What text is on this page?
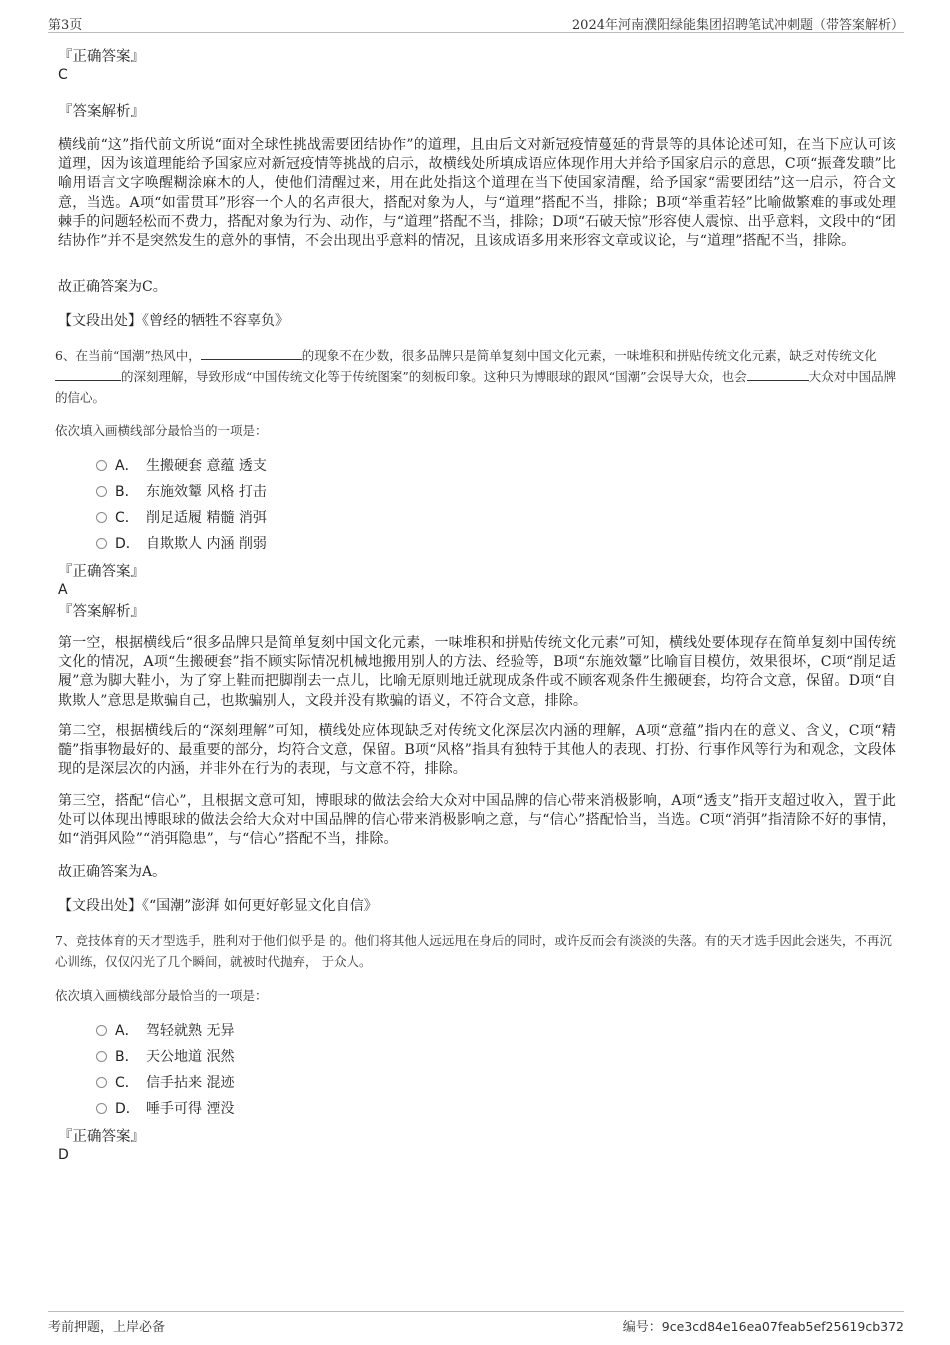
第3页	2024年河南濮阳绿能集团招聘笔试冲刺题（带答案解析）
『正确答案』
C
『答案解析』
横线前“这”指代前文所说“面对全球性挑战需要团结协作”的道理，且由后文对新冠疫情蔓延的背景等的具体论述可知，在当下应认可该道理，因为该道理能给予国家应对新冠疫情等挑战的启示，故横线处所填成语应体现作用大并给予国家启示的意思，C项“振聋发聩”比喻用语言文字唤醒糊涂麻木的人，使他们清醒过来，用在此处指这个道理在当下使国家清醒，给予国家“需要团结”这一启示，符合文意，当选。A项“如雷贯耳”形容一个人的名声很大，搭配对象为人，与“道理”搭配不当，排除；B项“举重若轻”比喻做繁难的事或处理棘手的问题轻松而不费力，搭配对象为行为、动作，与“道理”搭配不当，排除；D项“石破天惊”形容使人震惊、出乎意料，文段中的“团结协作”并不是突然发生的意外的事情，不会出现出乎意料的情况，且该成语多用来形容文章或议论，与“道理”搭配不当，排除。
故正确答案为C。
【文段出处】《曾经的牺牲不容辜负》
6、在当前“国潮”热风中，	的现象不在少数，很多品牌只是简单复刻中国文化元素，一味堆积和拼贴传统文化元素，缺乏对传统文化的深刻理解，导致形成“中国传统文化等于传统图案”的刻板印象。这种只为博眼球的跟风“国潮”会误导大众，也会	大众对中国品牌的信心。
依次填入画横线部分最恰当的一项是：
A． 生搬硬套 意蕴 透支
B． 东施效颦 风格 打击
C． 削足适履 精髓 消弭
D． 自欺欺人 内涵 削弱
『正确答案』
A
『答案解析』
第一空，根据横线后“很多品牌只是简单复刻中国文化元素，一味堆积和拼贴传统文化元素”可知，横线处要体现存在简单复刻中国传统文化的情况，A项“生搬硬套”指不顾实际情况机械地搬用别人的方法、经验等，B项“东施效颦”比喻盲目模仿，效果很坏，C项“削足适履”意为脚大鞋小，为了穿上鞋而把脚削去一点儿，比喻无原则地迁就现成条件或不顾客观条件生搬硬套，均符合文意，保留。D项“自欺欺人”意思是欺骗自己，也欺骗别人，文段并没有欺骗的语义，不符合文意，排除。
第二空，根据横线后的“深刻理解”可知，横线处应体现缺乏对传统文化深层次内涵的理解，A项“意蕴”指内在的意义、含义，C项“精髓”指事物最好的、最重要的部分，均符合文意，保留。B项“风格”指具有独特于其他人的表现、打扮、行事作风等行为和观念，文段体现的是深层次的内涵，并非外在行为的表现，与文意不符，排除。
第三空，搭配“信心”，且根据文意可知，博眼球的做法会给大众对中国品牌的信心带来消极影响，A项“透支”指开支超过收入，置于此处可以体现出博眼球的做法会给大众对中国品牌的信心带来消极影响之意，与“信心”搭配恰当，当选。C项“消弭”指清除不好的事情，如“消弭风险”“消弭隐患”，与“信心”搭配不当，排除。
故正确答案为A。
【文段出处】《“国潮”澎湃 如何更好彰显文化自信》
7、竞技体育的天才型选手，胜利对于他们似乎是 的。他们将其他人远远甩在身后的同时，或许反而会有淡淡的失落。有的天才选手因此会迷失，不再沉心训练，仅仅闪光了几个瞬间，就被时代抛弃， 于众人。
依次填入画横线部分最恰当的一项是：
A． 驾轻就熟 无异
B． 天公地道 泯然
C． 信手拈来 混迹
D． 唾手可得 湮没
『正确答案』
D
考前押题，上岸必备	编号：9ce3cd84e16ea07feab5ef25619cb372
